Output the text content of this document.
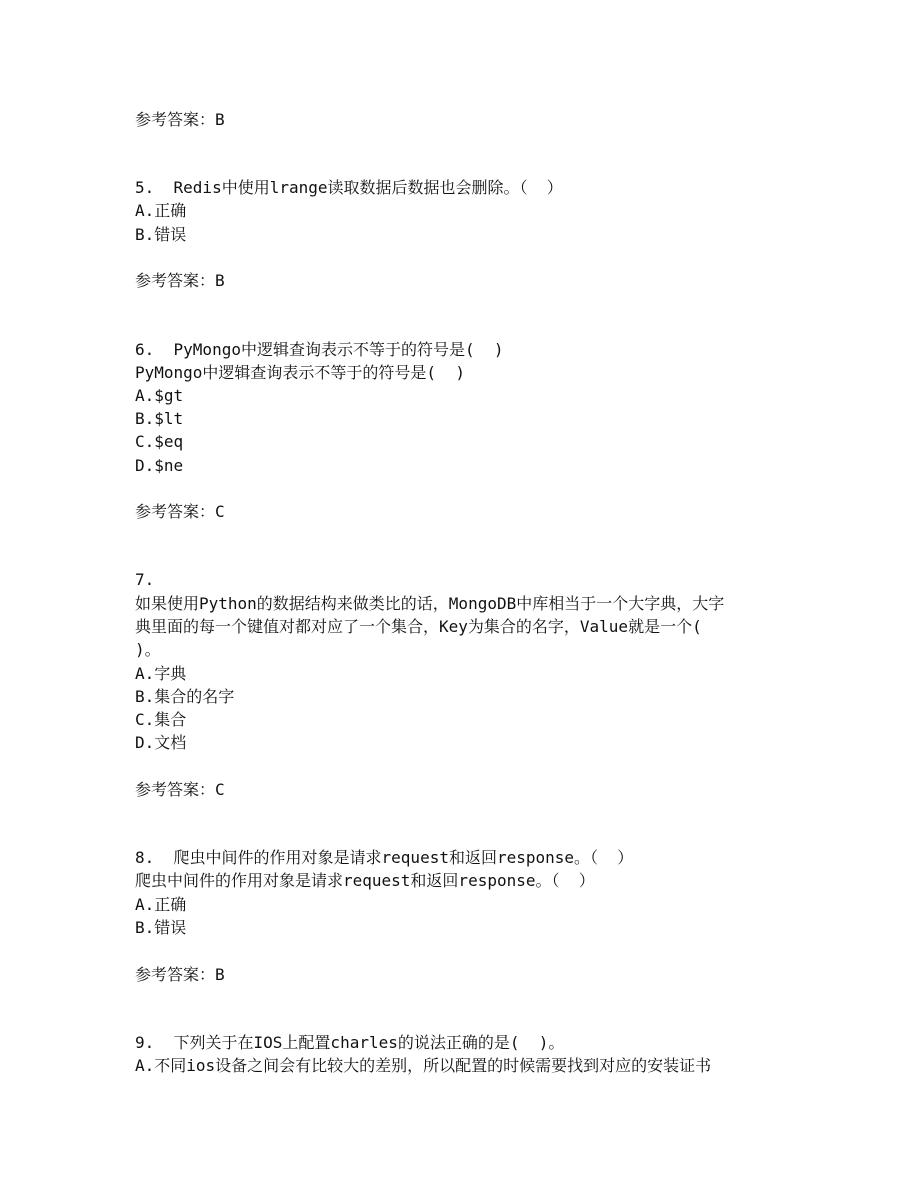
参考答案：B
5. Redis中使用lrange读取数据后数据也会删除。（  ）
A.正确
B.错误
参考答案：B
6. PyMongo中逻辑查询表示不等于的符号是(  )
PyMongo中逻辑查询表示不等于的符号是(  )
A.$gt
B.$lt
C.$eq
D.$ne
参考答案：C
7.
如果使用Python的数据结构来做类比的话，MongoDB中库相当于一个大字典，大字
典里面的每一个键值对都对应了一个集合，Key为集合的名字，Value就是一个(
)。
A.字典
B.集合的名字
C.集合
D.文档
参考答案：C
8. 爬虫中间件的作用对象是请求request和返回response。（  ）
爬虫中间件的作用对象是请求request和返回response。（  ）
A.正确
B.错误
参考答案：B
9. 下列关于在IOS上配置charles的说法正确的是(  )。
A.不同ios设备之间会有比较大的差别，所以配置的时候需要找到对应的安装证书
